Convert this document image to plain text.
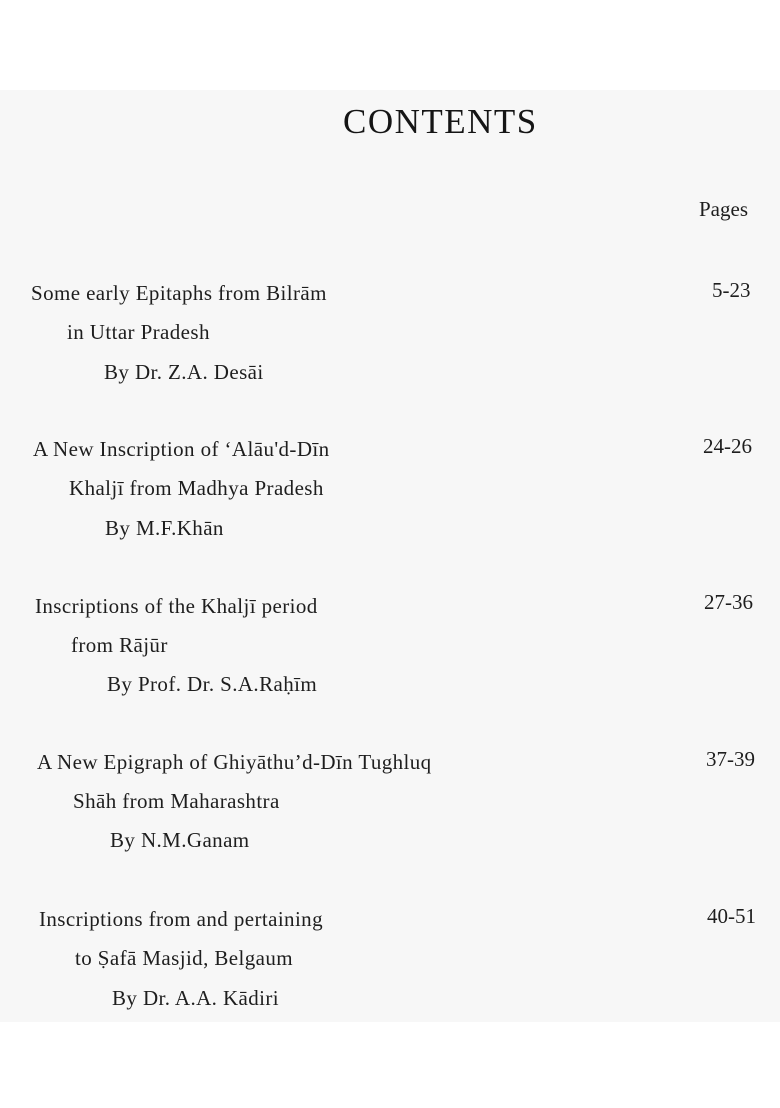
CONTENTS
Pages
Some early Epitaphs from Bilrām
in Uttar Pradesh
By Dr. Z.A. Desāi
5-23
A New Inscription of ‘Alāu'd-Dīn
Khaljī from Madhya Pradesh
By M.F.Khān
24-26
Inscriptions of the Khaljī period
from Rājūr
By Prof. Dr. S.A.Raḥīm
27-36
A New Epigraph of Ghiyāthu’d-Dīn Tughluq
Shāh from Maharashtra
By N.M.Ganam
37-39
Inscriptions from and pertaining
to Ṣafā Masjid, Belgaum
By Dr. A.A. Kādiri
40-51
